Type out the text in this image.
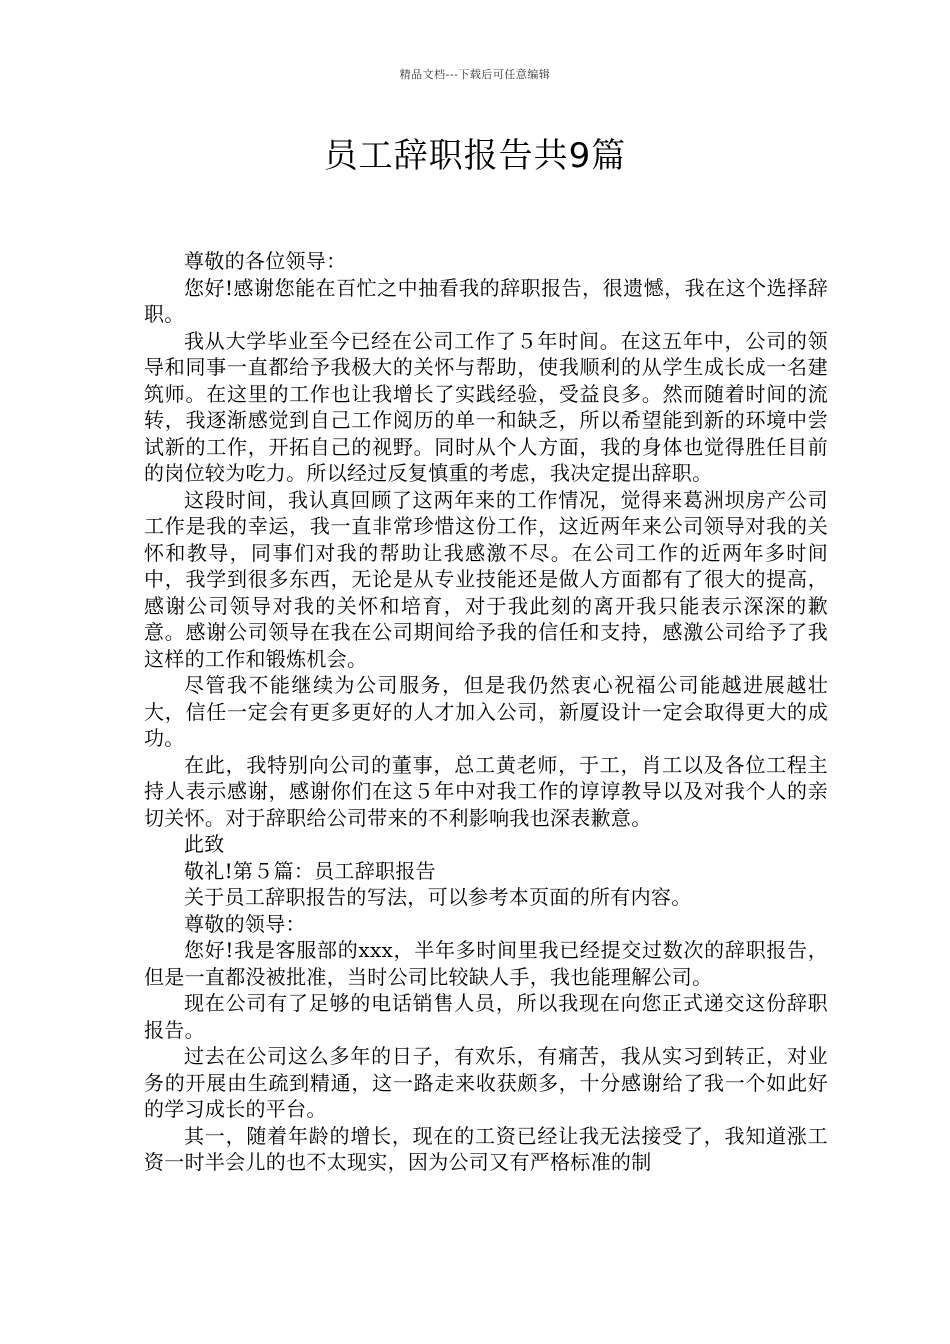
精品文档---下载后可任意编辑
员工辞职报告共9篇

尊敬的各位领导：

您好!感谢您能在百忙之中抽看我的辞职报告，很遗憾，我在这个选择辞职。

我从大学毕业至今已经在公司工作了５年时间。在这五年中，公司的领导和同事一直都给予我极大的关怀与帮助，使我顺利的从学生成长成一名建筑师。在这里的工作也让我增长了实践经验，受益良多。然而随着时间的流转，我逐渐感觉到自己工作阅历的单一和缺乏，所以希望能到新的环境中尝试新的工作，开拓自己的视野。同时从个人方面，我的身体也觉得胜任目前的岗位较为吃力。所以经过反复慎重的考虑，我决定提出辞职。

这段时间，我认真回顾了这两年来的工作情况，觉得来葛洲坝房产公司工作是我的幸运，我一直非常珍惜这份工作，这近两年来公司领导对我的关怀和教导，同事们对我的帮助让我感激不尽。在公司工作的近两年多时间中，我学到很多东西，无论是从专业技能还是做人方面都有了很大的提高，感谢公司领导对我的关怀和培育，对于我此刻的离开我只能表示深深的歉意。感谢公司领导在我在公司期间给予我的信任和支持，感激公司给予了我这样的工作和锻炼机会。

尽管我不能继续为公司服务，但是我仍然衷心祝福公司能越进展越壮大，信任一定会有更多更好的人才加入公司，新厦设计一定会取得更大的成功。

在此，我特别向公司的董事，总工黄老师，于工，肖工以及各位工程主持人表示感谢，感谢你们在这５年中对我工作的谆谆教导以及对我个人的亲切关怀。对于辞职给公司带来的不利影响我也深表歉意。

此致

敬礼!第５篇：员工辞职报告

关于员工辞职报告的写法，可以参考本页面的所有内容。

尊敬的领导：

您好!我是客服部的xxx，半年多时间里我已经提交过数次的辞职报告，但是一直都没被批准，当时公司比较缺人手，我也能理解公司。

现在公司有了足够的电话销售人员，所以我现在向您正式递交这份辞职报告。

过去在公司这么多年的日子，有欢乐，有痛苦，我从实习到转正，对业务的开展由生疏到精通，这一路走来收获颇多，十分感谢给了我一个如此好的学习成长的平台。

其一，随着年龄的增长，现在的工资已经让我无法接受了，我知道涨工资一时半会儿的也不太现实，因为公司又有严格标准的制
